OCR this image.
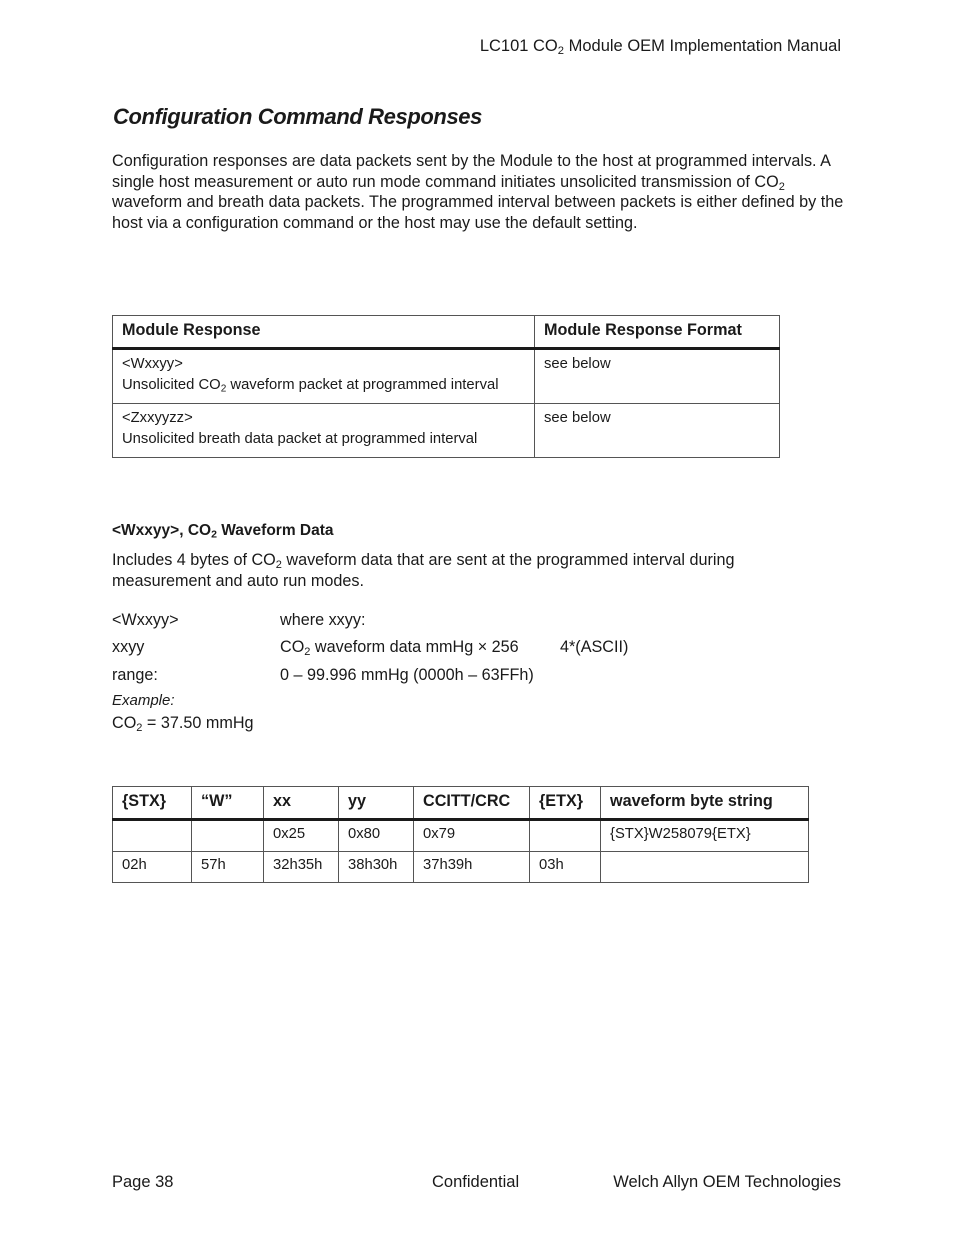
LC101 $CO_2$ Module OEM Implementation Manual
Configuration Command Responses
Configuration responses are data packets sent by the Module to the host at programmed intervals. A single host measurement or auto run mode command initiates unsolicited transmission of $CO_2$ waveform and breath data packets. The programmed interval between packets is either defined by the host via a configuration command or the host may use the default setting.
Module Response	Module Response Format

<Wxxyy>
Unsolicited $CO_2$ waveform packet at programmed interval	see below

<Zxxyyzz>
Unsolicited breath data packet at programmed interval	see below
<Wxxyy>, $CO_2$ Waveform Data
Includes 4 bytes of $CO_2$ waveform data that are sent at the programmed interval during measurement and auto run modes.
<Wxxyy>	where xxyy:
xxyy	$CO_2$ waveform data mmHg × 256	4*(ASCII)
range:	0 – 99.996 mmHg (0000h – 63FFh)
Example:
$CO_2 = 37.50$ mmHg
{STX}	“W”	xx	yy	CCITT/CRC	{ETX}	waveform byte string
		0x25	0x80	0x79		{STX}W258079{ETX}
02h	57h	32h35h	38h30h	37h39h	03h	
Page 38	Confidential	Welch Allyn OEM Technologies
